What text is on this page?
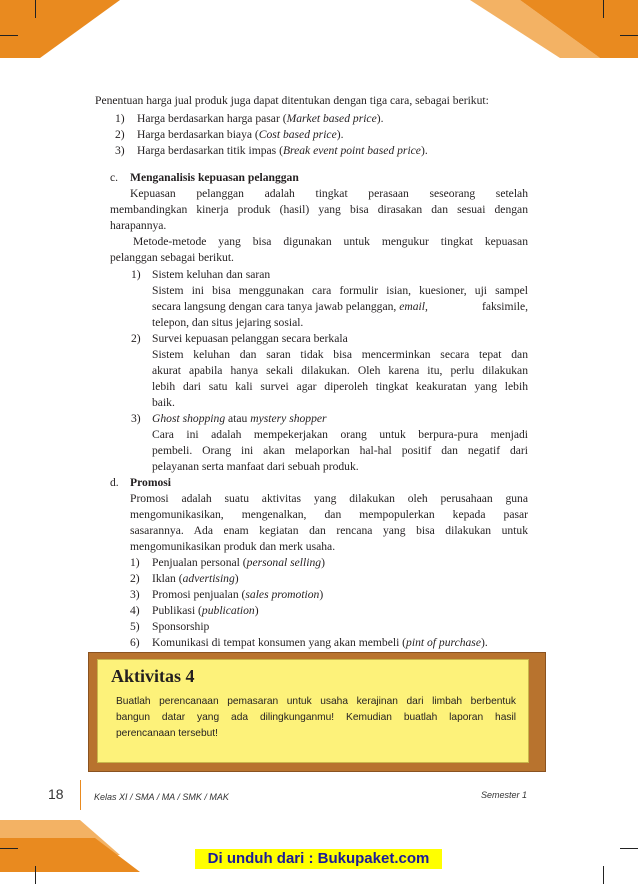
Penentuan harga jual produk juga dapat ditentukan dengan tiga cara, sebagai berikut:
1) Harga berdasarkan harga pasar (Market based price).
2) Harga berdasarkan biaya (Cost based price).
3) Harga berdasarkan titik impas (Break event point based price).
c. Menganalisis kepuasan pelanggan
Kepuasan pelanggan adalah tingkat perasaan seseorang setelah
membandingkan kinerja produk (hasil) yang bisa dirasakan dan sesuai dengan
harapannya.
Metode-metode yang bisa digunakan untuk mengukur tingkat kepuasan
pelanggan sebagai berikut.
1) Sistem keluhan dan saran
Sistem ini bisa menggunakan cara formulir isian, kuesioner, uji sampel
secara langsung dengan cara tanya jawab pelanggan, email,	faksimile,
telepon, dan situs jejaring sosial.
2) Survei kepuasan pelanggan secara berkala
Sistem keluhan dan saran tidak bisa mencerminkan secara tepat dan
akurat apabila hanya sekali dilakukan. Oleh karena itu, perlu dilakukan
lebih dari satu kali survei agar diperoleh tingkat keakuratan yang lebih
baik.
3) Ghost shopping atau mystery shopper
Cara ini adalah mempekerjakan orang untuk berpura-pura menjadi
pembeli. Orang ini akan melaporkan hal-hal positif dan negatif dari
pelayanan serta manfaat dari sebuah produk.
d. Promosi
Promosi adalah suatu aktivitas yang dilakukan oleh perusahaan guna
mengomunikasikan, mengenalkan, dan mempopulerkan kepada pasar
sasarannya. Ada enam kegiatan dan rencana yang bisa dilakukan untuk
mengomunikasikan produk dan merk usaha.
1) Penjualan personal (personal selling)
2) Iklan (advertising)
3) Promosi penjualan (sales promotion)
4) Publikasi (publication)
5) Sponsorship
6) Komunikasi di tempat konsumen yang akan membeli (pint of purchase).
Aktivitas 4
Buatlah perencanaan pemasaran untuk usaha kerajinan dari limbah berbentuk
bangun datar yang ada dilingkunganmu! Kemudian buatlah laporan hasil
perencanaan tersebut!
18	Kelas XI / SMA / MA / SMK / MAK	Semester 1
Di unduh dari : Bukupaket.com
